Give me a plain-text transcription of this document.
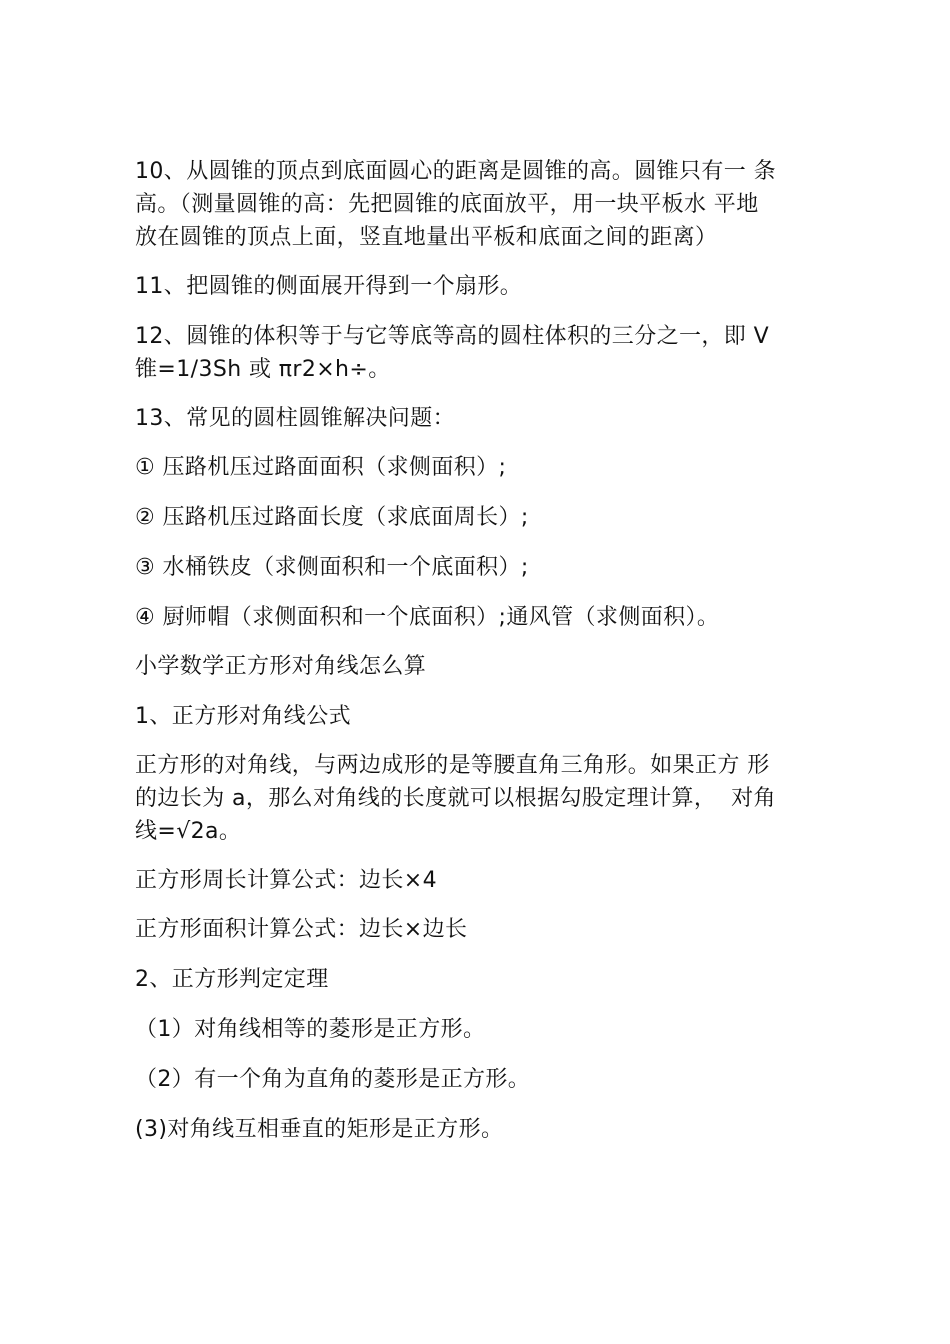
10、从圆锥的顶点到底面圆心的距离是圆锥的高。圆锥只有一 条
高。（测量圆锥的高：先把圆锥的底面放平，用一块平板水 平地
放在圆锥的顶点上面，竖直地量出平板和底面之间的距离）
11、把圆锥的侧面展开得到一个扇形。
12、圆锥的体积等于与它等底等高的圆柱体积的三分之一，即 V
锥=1/3Sh 或 πr2×h÷。
13、常见的圆柱圆锥解决问题：
① 压路机压过路面面积（求侧面积）;
② 压路机压过路面长度（求底面周长）;
③ 水桶铁皮（求侧面积和一个底面积）;
④ 厨师帽（求侧面积和一个底面积）;通风管（求侧面积）。
小学数学正方形对角线怎么算
1、正方形对角线公式
正方形的对角线，与两边成形的是等腰直角三角形。如果正方 形
的边长为 a，那么对角线的长度就可以根据勾股定理计算，  对角
线=√2a。
正方形周长计算公式：边长×4
正方形面积计算公式：边长×边长
2、正方形判定定理
（1）对角线相等的菱形是正方形。
（2）有一个角为直角的菱形是正方形。
(3)对角线互相垂直的矩形是正方形。
